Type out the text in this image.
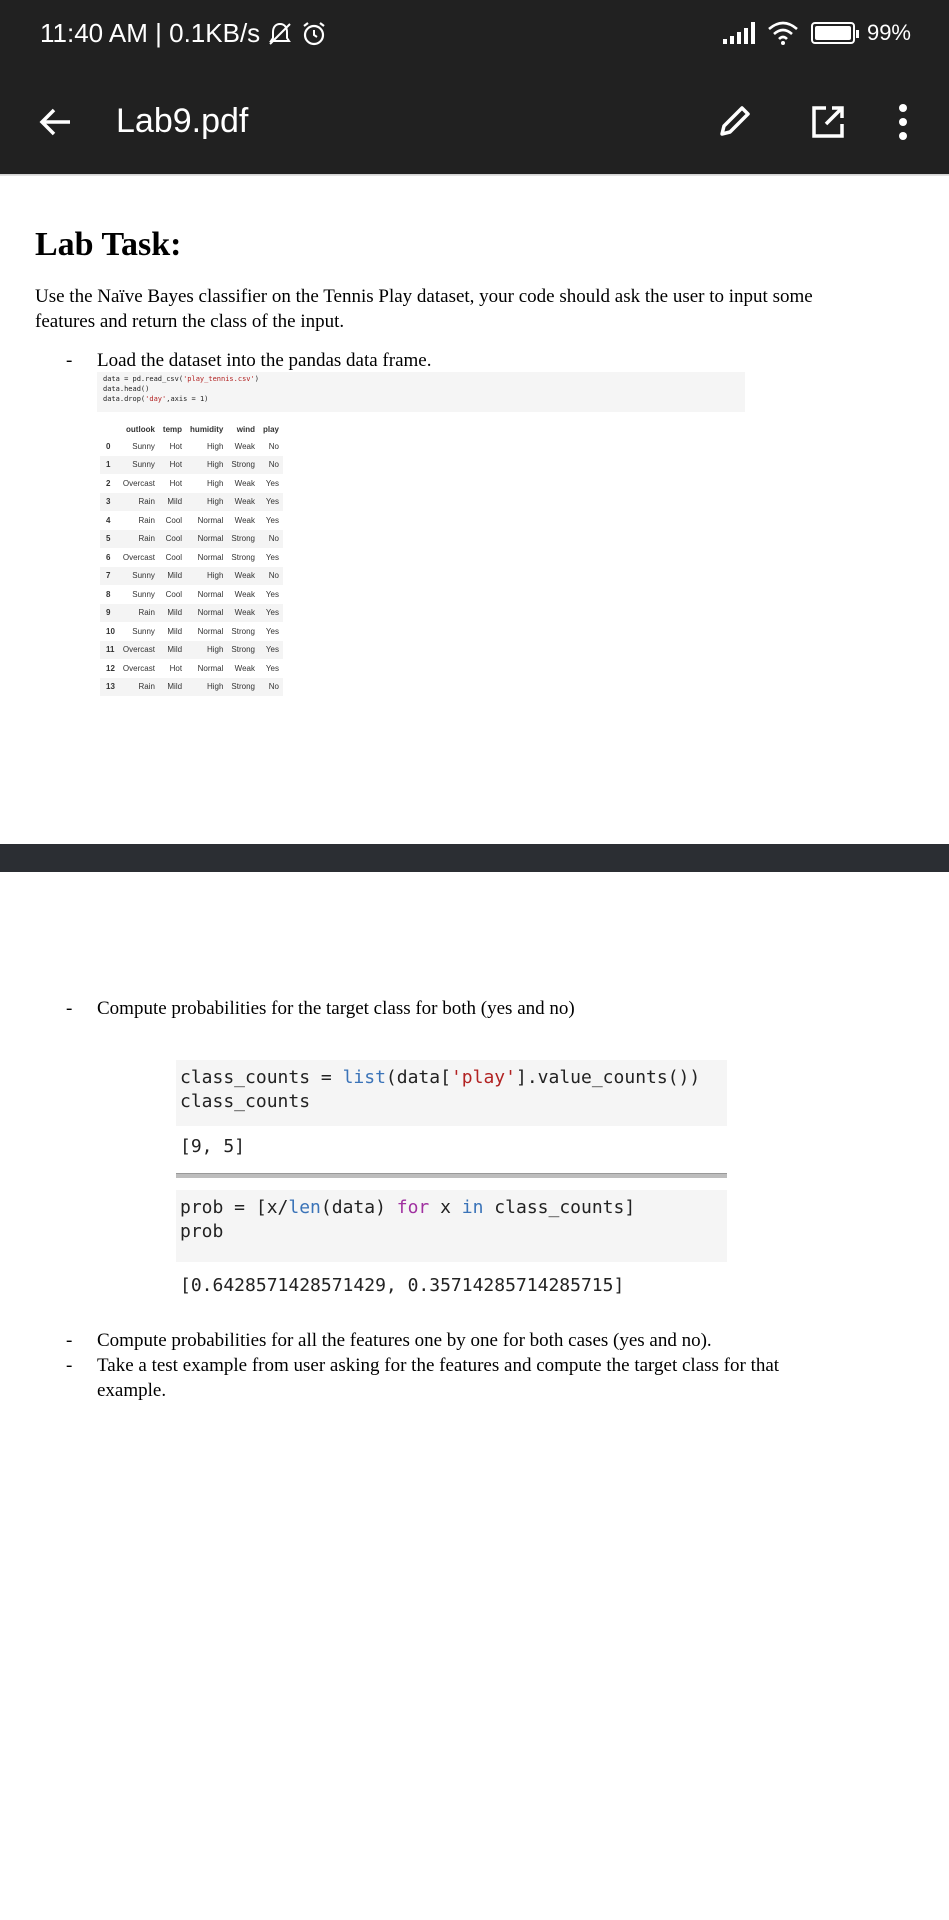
11:40 AM | 0.1KB/s	99%
Lab9.pdf
Lab Task:
Use the Naïve Bayes classifier on the Tennis Play dataset, your code should ask the user to input some features and return the class of the input.
-	Load the dataset into the pandas data frame.
data = pd.read_csv('play_tennis.csv')
data.head()
data.drop('day',axis = 1)
	outlook	temp	humidity	wind	play
0	Sunny	Hot	High	Weak	No
1	Sunny	Hot	High	Strong	No
2	Overcast	Hot	High	Weak	Yes
3	Rain	Mild	High	Weak	Yes
4	Rain	Cool	Normal	Weak	Yes
5	Rain	Cool	Normal	Strong	No
6	Overcast	Cool	Normal	Strong	Yes
7	Sunny	Mild	High	Weak	No
8	Sunny	Cool	Normal	Weak	Yes
9	Rain	Mild	Normal	Weak	Yes
10	Sunny	Mild	Normal	Strong	Yes
11	Overcast	Mild	High	Strong	Yes
12	Overcast	Hot	Normal	Weak	Yes
13	Rain	Mild	High	Strong	No
-	Compute probabilities for the target class for both (yes and no)
class_counts = list(data['play'].value_counts())
class_counts
[9, 5]
prob = [x/len(data) for x in class_counts]
prob
[0.6428571428571429, 0.35714285714285715]
-	Compute probabilities for all the features one by one for both cases (yes and no).
-	Take a test example from user asking for the features and compute the target class for that example.
